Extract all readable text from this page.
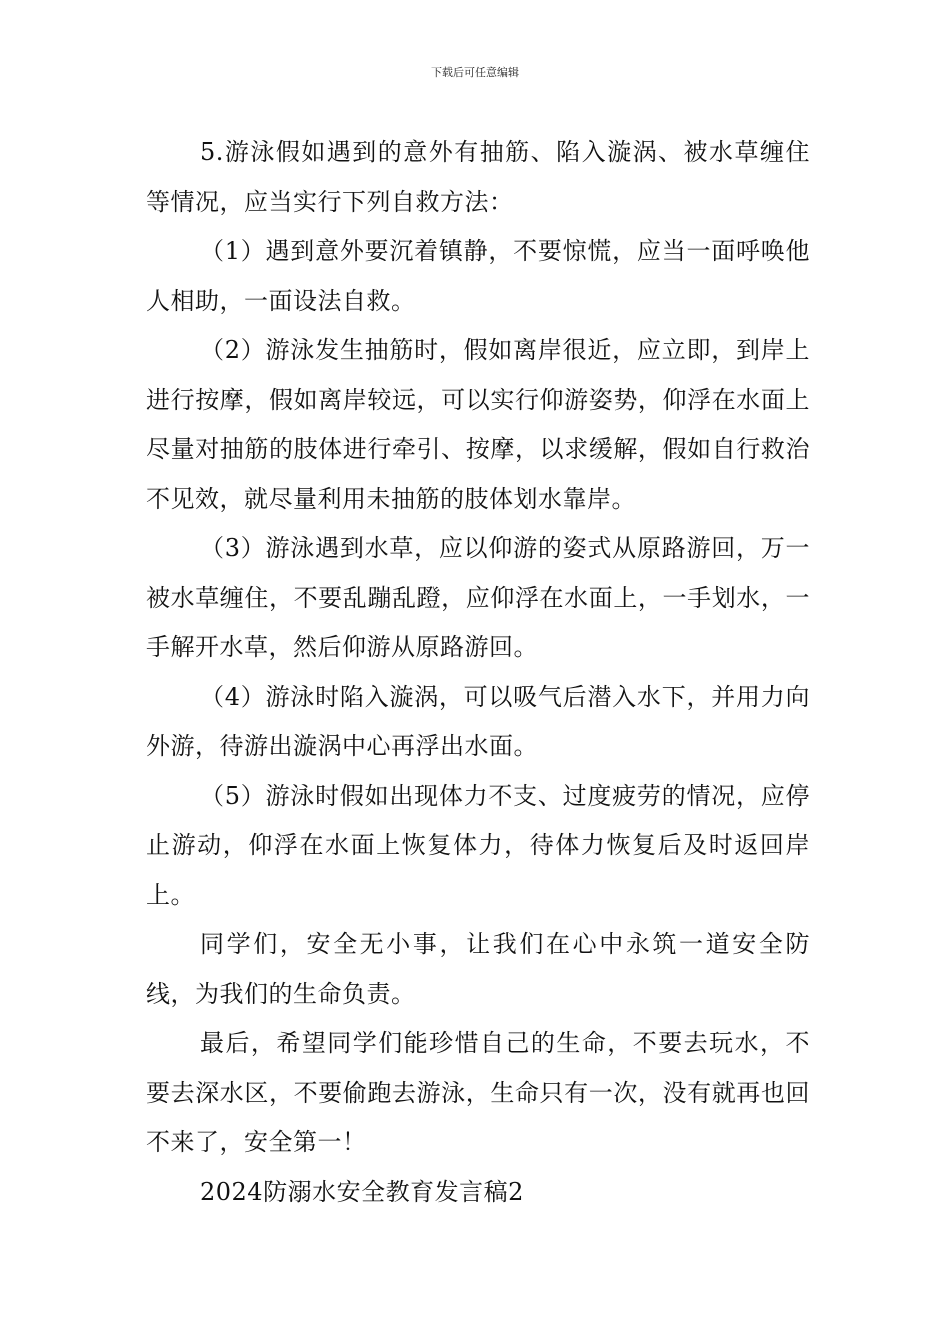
下载后可任意编辑

5.游泳假如遇到的意外有抽筋、陷入漩涡、被水草缠住等情况，应当实行下列自救方法：

（1）遇到意外要沉着镇静，不要惊慌，应当一面呼唤他人相助，一面设法自救。

（2）游泳发生抽筋时，假如离岸很近，应立即，到岸上进行按摩，假如离岸较远，可以实行仰游姿势，仰浮在水面上尽量对抽筋的肢体进行牵引、按摩，以求缓解，假如自行救治不见效，就尽量利用未抽筋的肢体划水靠岸。

（3）游泳遇到水草，应以仰游的姿式从原路游回，万一被水草缠住，不要乱蹦乱蹬，应仰浮在水面上，一手划水，一手解开水草，然后仰游从原路游回。

（4）游泳时陷入漩涡，可以吸气后潜入水下，并用力向外游，待游出漩涡中心再浮出水面。

（5）游泳时假如出现体力不支、过度疲劳的情况，应停止游动，仰浮在水面上恢复体力，待体力恢复后及时返回岸上。

同学们，安全无小事，让我们在心中永筑一道安全防线，为我们的生命负责。

最后，希望同学们能珍惜自己的生命，不要去玩水，不要去深水区，不要偷跑去游泳，生命只有一次，没有就再也回不来了，安全第一！

2024防溺水安全教育发言稿2
